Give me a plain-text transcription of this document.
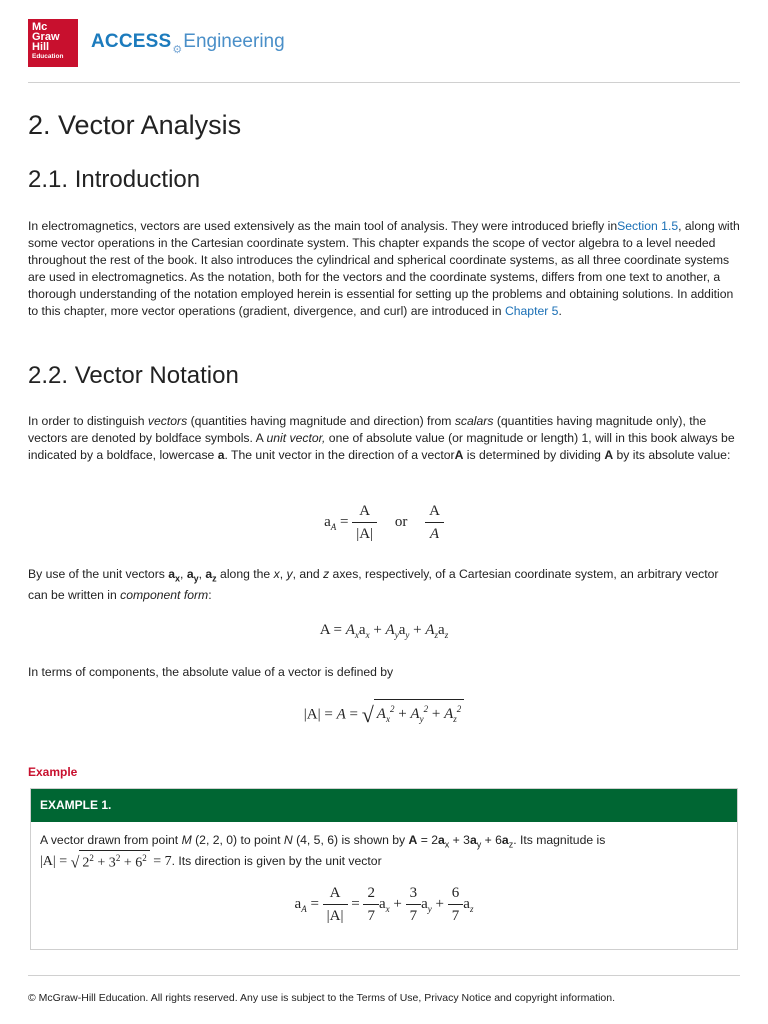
Mc
Graw
Hill
Education
$ACCESS_⚙Engineering$
2. Vector Analysis
2.1. Introduction

In electromagnetics, vectors are used extensively as the main tool of analysis. They were introduced briefly inSection 1.5, along with some vector operations in the Cartesian coordinate system. This chapter expands the scope of vector algebra to a level needed throughout the rest of the book. It also introduces the cylindrical and spherical coordinate systems, as all three coordinate systems are used in electromagnetics. As the notation, both for the vectors and the coordinate systems, differs from one text to another, a thorough understanding of the notation employed herein is essential for setting up the problems and obtaining solutions. In addition to this chapter, more vector operations (gradient, divergence, and curl) are introduced in Chapter 5.

2.2. Vector Notation

In order to distinguish vectors (quantities having magnitude and direction) from scalars (quantities having magnitude only), the vectors are denoted by boldface symbols. A unit vector, one of absolute value (or magnitude or length) 1, will in this book always be indicated by a boldface, lowercase a. The unit vector in the direction of a vectorA is determined by dividing A by its absolute value:

$a_A = \frac{A}{|A|}$ or $\frac{A}{A}$

By use of the unit vectors $a_x$, $a_y$, $a_z$ along the x, y, and z axes, respectively, of a Cartesian coordinate system, an arbitrary vector can be written in component form:

$A = A_xa_x + A_ya_y + A_za_z$

In terms of components, the absolute value of a vector is defined by

|A| = A = √ $A_x^2 + A_y^2 + A_z^2$
Example
EXAMPLE 1.

A vector drawn from point M (2, 2, 0) to point N (4, 5, 6) is shown by $A = 2a_x + 3a_y + 6a_z$. Its magnitude is
|A| = √ $2^2 + 3^2 + 6^2 = 7$. Its direction is given by the unit vector

$a_A = \frac{A}{|A|} = \frac{2}{7} a_x + \frac{3}{7} a_y + \frac{6}{7} a_z$
© McGraw-Hill Education. All rights reserved. Any use is subject to the Terms of Use, Privacy Notice and copyright information.
